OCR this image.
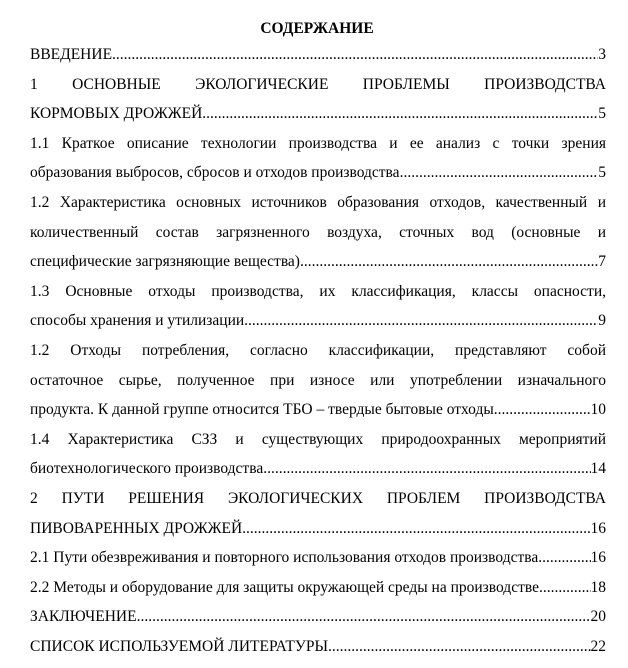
СОДЕРЖАНИЕ
ВВЕДЕНИЕ .....	3
1 ОСНОВНЫЕ ЭКОЛОГИЧЕСКИЕ ПРОБЛЕМЫ ПРОИЗВОДСТВА
КОРМОВЫХ ДРОЖЖЕЙ .....	5
1.1 Краткое описание технологии производства и ее анализ с точки зрения
образования выбросов, сбросов и отходов производства .....	5
1.2 Характеристика основных источников образования отходов, качественный и
количественный состав загрязненного воздуха, сточных вод (основные и
специфические загрязняющие вещества) .....	7
1.3 Основные отходы производства, их классификация, классы опасности,
способы хранения и утилизации .....	9
1.2 Отходы потребления, согласно классификации, представляют собой
остаточное сырье, полученное при износе или употреблении изначального
продукта. К данной группе относится ТБО – твердые бытовые отходы .....	10
1.4 Характеристика СЗЗ и существующих природоохранных мероприятий
биотехнологического производства .....	14
2 ПУТИ РЕШЕНИЯ ЭКОЛОГИЧЕСКИХ ПРОБЛЕМ ПРОИЗВОДСТВА
ПИВОВАРЕННЫХ ДРОЖЖЕЙ .....	16
2.1 Пути обезвреживания и повторного использования отходов производства. .....	16
2.2 Методы и оборудование для защиты окружающей среды на производстве. .....	18
ЗАКЛЮЧЕНИЕ .....	20
СПИСОК ИСПОЛЬЗУЕМОЙ ЛИТЕРАТУРЫ .....	22
